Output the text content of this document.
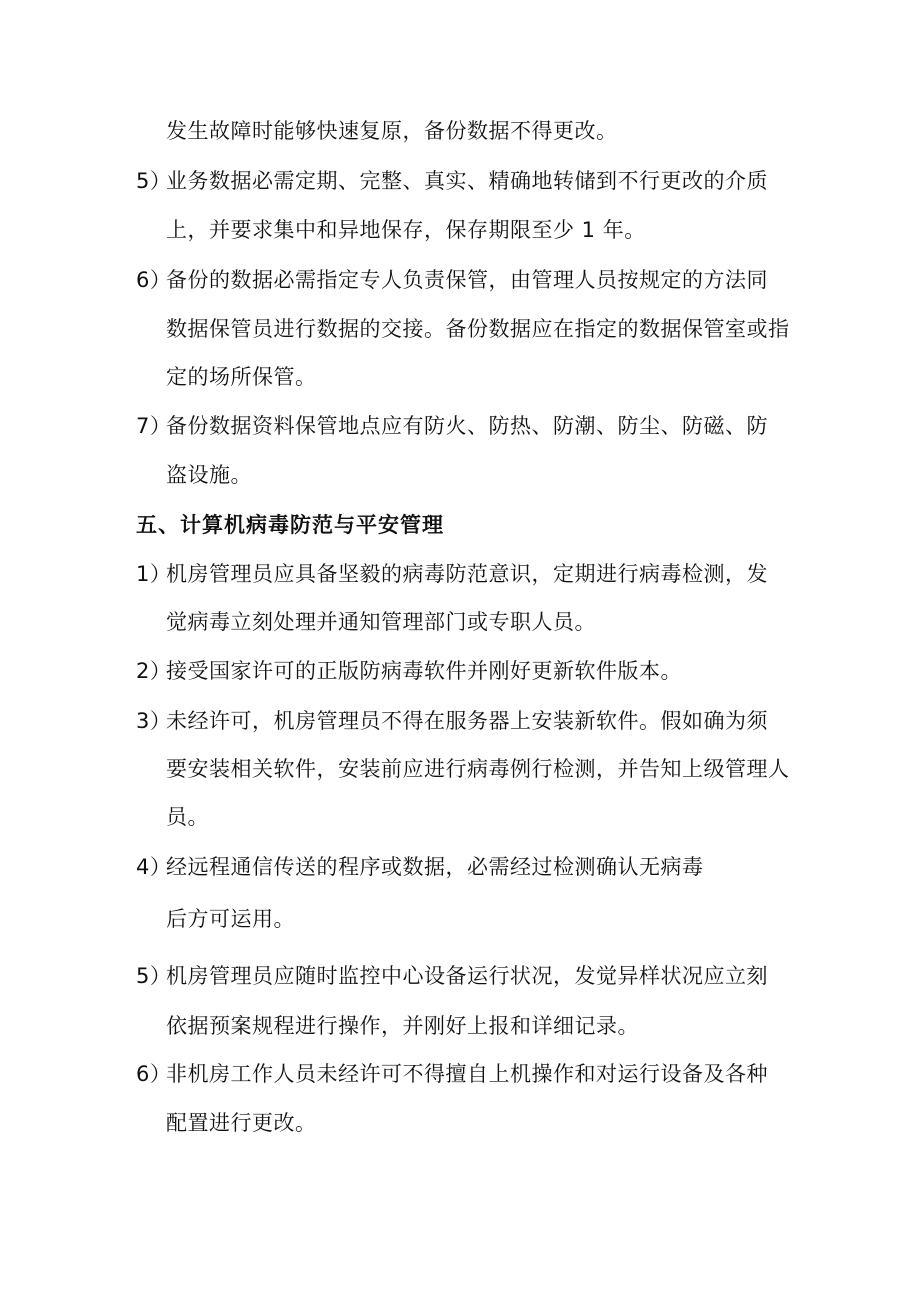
发生故障时能够快速复原，备份数据不得更改。
5）业务数据必需定期、完整、真实、精确地转储到不行更改的介质
上，并要求集中和异地保存，保存期限至少 1 年。
6）备份的数据必需指定专人负责保管，由管理人员按规定的方法同
数据保管员进行数据的交接。备份数据应在指定的数据保管室或指
定的场所保管。
7）备份数据资料保管地点应有防火、防热、防潮、防尘、防磁、防
盗设施。
五、计算机病毒防范与平安管理
1）机房管理员应具备坚毅的病毒防范意识，定期进行病毒检测，发
觉病毒立刻处理并通知管理部门或专职人员。
2）接受国家许可的正版防病毒软件并刚好更新软件版本。
3）未经许可，机房管理员不得在服务器上安装新软件。假如确为须
要安装相关软件，安装前应进行病毒例行检测，并告知上级管理人
员。
4）经远程通信传送的程序或数据，必需经过检测确认无病毒
后方可运用。
5）机房管理员应随时监控中心设备运行状况，发觉异样状况应立刻
依据预案规程进行操作，并刚好上报和详细记录。
6）非机房工作人员未经许可不得擅自上机操作和对运行设备及各种
配置进行更改。
